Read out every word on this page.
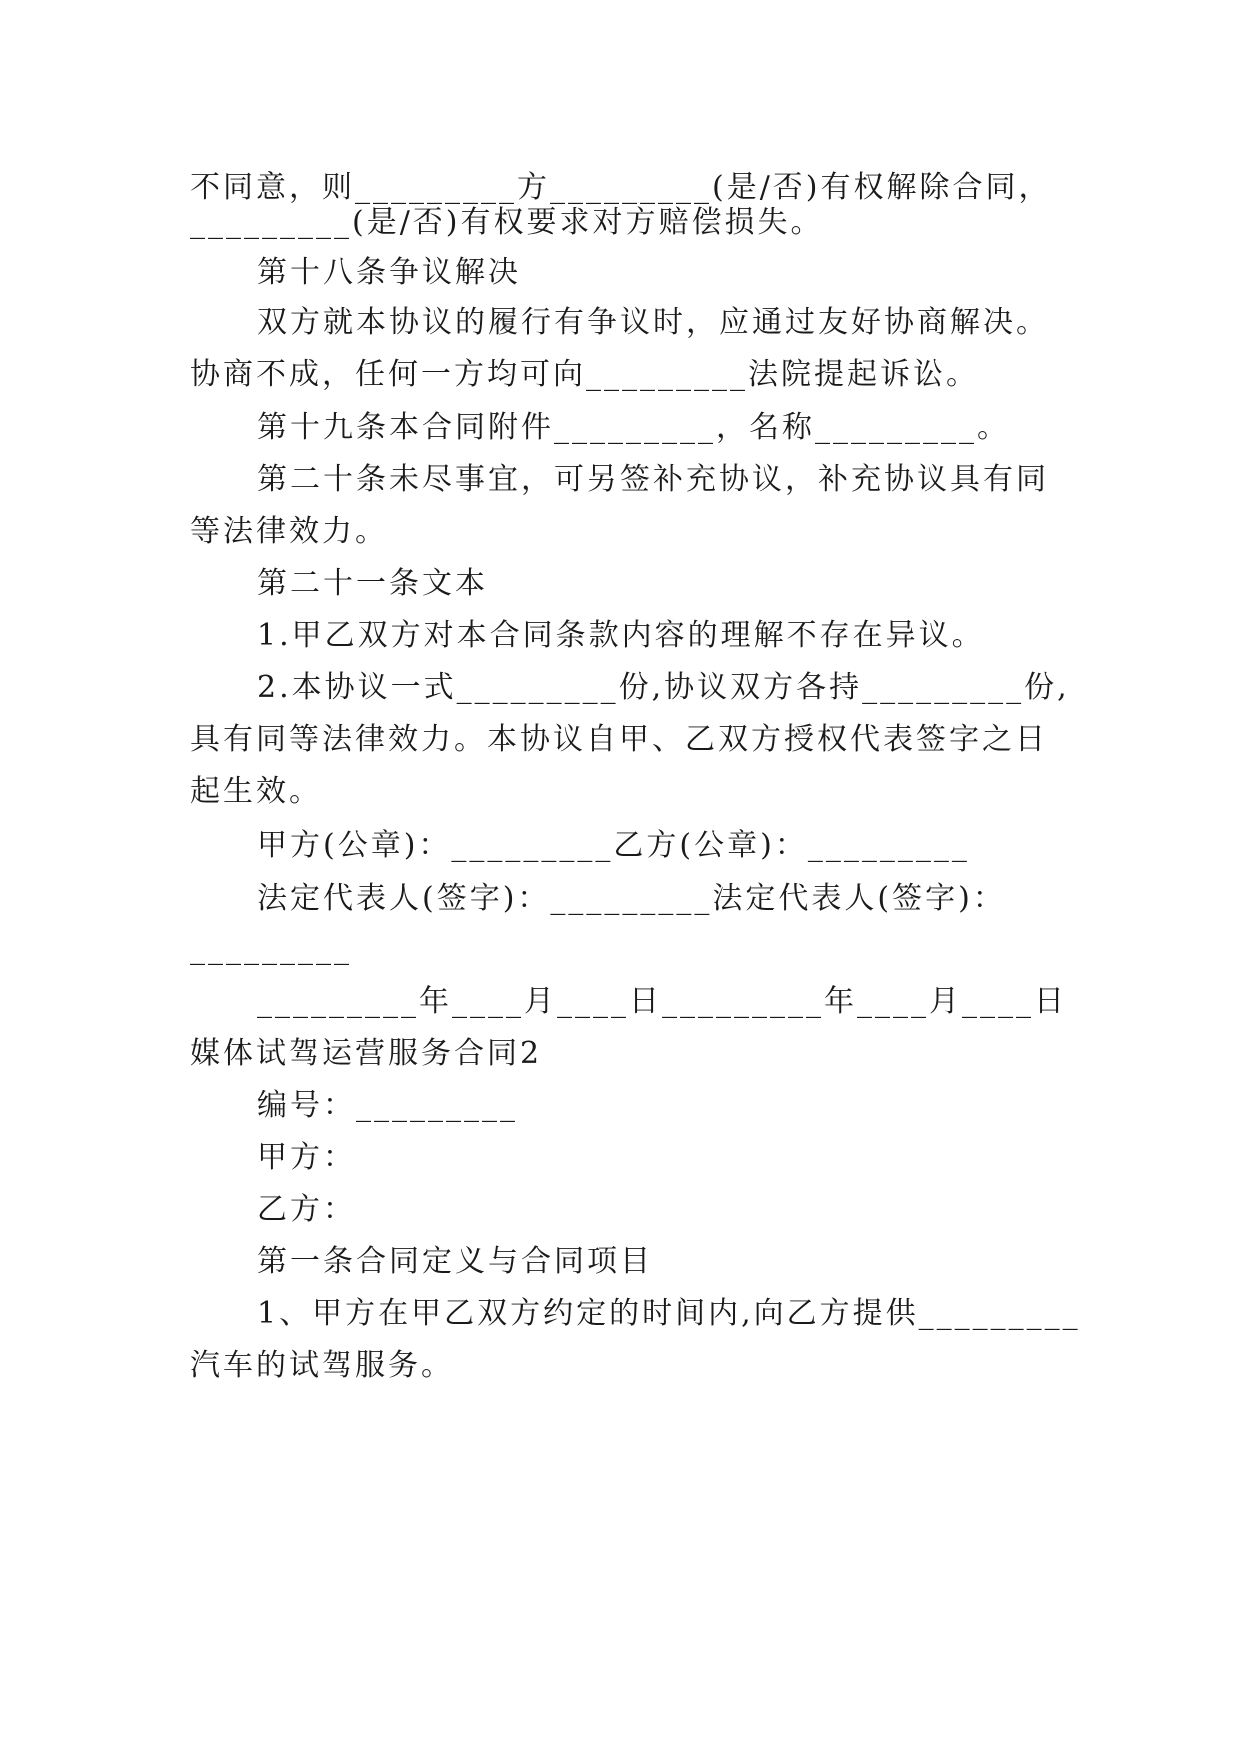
不同意，则_________方_________(是/否)有权解除合同，
_________(是/否)有权要求对方赔偿损失。
第十八条争议解决
双方就本协议的履行有争议时，应通过友好协商解决。
协商不成，任何一方均可向_________法院提起诉讼。
第十九条本合同附件_________，名称_________。
第二十条未尽事宜，可另签补充协议，补充协议具有同
等法律效力。
第二十一条文本
1.甲乙双方对本合同条款内容的理解不存在异议。
2.本协议一式_________份,协议双方各持_________份,
具有同等法律效力。本协议自甲、乙双方授权代表签字之日
起生效。
甲方(公章)：_________乙方(公章)：_________
法定代表人(签字)：_________法定代表人(签字)：
_________
_________年____月____日_________年____月____日
媒体试驾运营服务合同2
编号：_________
甲方：
乙方：
第一条合同定义与合同项目
1、甲方在甲乙双方约定的时间内,向乙方提供_________
汽车的试驾服务。
